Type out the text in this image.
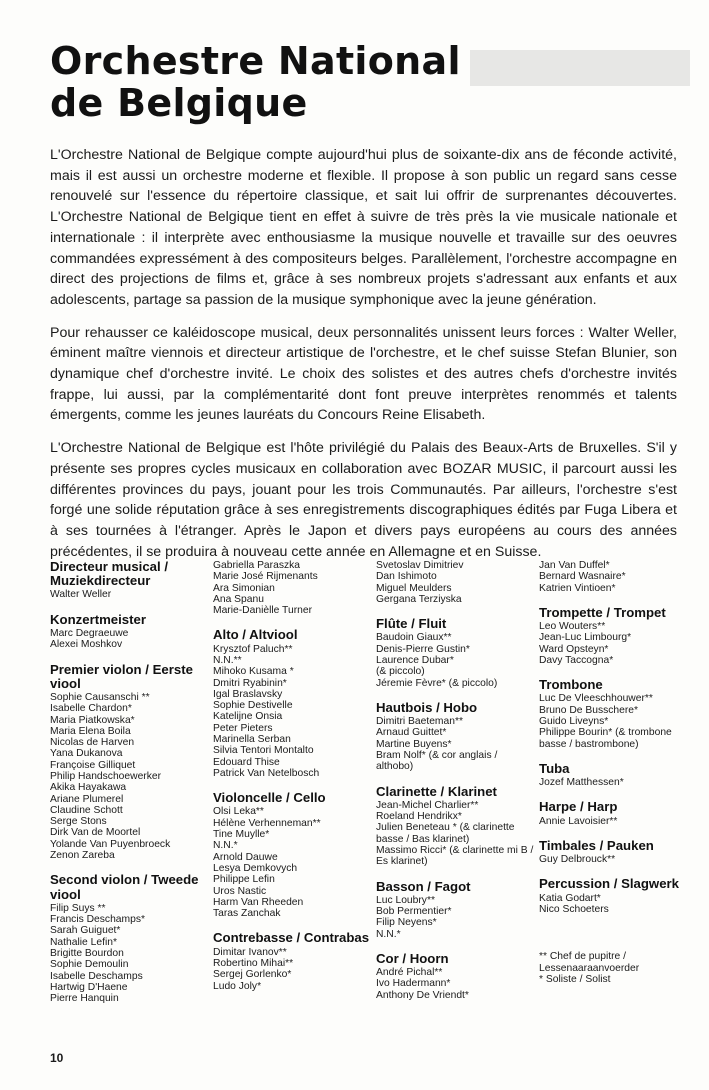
Orchestre National
de Belgique

L'Orchestre National de Belgique compte aujourd'hui plus de soixante-dix ans de féconde activité, mais il est aussi un orchestre moderne et flexible. Il propose à son public un regard sans cesse renouvelé sur l'essence du répertoire classique, et sait lui offrir de surprenantes découvertes. L'Orchestre National de Belgique tient en effet à suivre de très près la vie musicale nationale et internationale : il interprète avec enthousiasme la musique nouvelle et travaille sur des oeuvres commandées expressément à des compositeurs belges. Parallèlement, l'orchestre accompagne en direct des projections de films et, grâce à ses nombreux projets s'adressant aux enfants et aux adolescents, partage sa passion de la musique symphonique avec la jeune génération.

Pour rehausser ce kaléidoscope musical, deux personnalités unissent leurs forces : Walter Weller, éminent maître viennois et directeur artistique de l'orchestre, et le chef suisse Stefan Blunier, son dynamique chef d'orchestre invité. Le choix des solistes et des autres chefs d'orchestre invités frappe, lui aussi, par la complémentarité dont font preuve interprètes renommés et talents émergents, comme les jeunes lauréats du Concours Reine Elisabeth.

L'Orchestre National de Belgique est l'hôte privilégié du Palais des Beaux-Arts de Bruxelles. S'il y présente ses propres cycles musicaux en collaboration avec BOZAR MUSIC, il parcourt aussi les différentes provinces du pays, jouant pour les trois Communautés. Par ailleurs, l'orchestre s'est forgé une solide réputation grâce à ses enregistrements discographiques édités par Fuga Libera et à ses tournées à l'étranger. Après le Japon et divers pays européens au cours des années précédentes, il se produira à nouveau cette année en Allemagne et en Suisse.

Directeur musical / Muziekdirecteur
Walter Weller
Konzertmeister
Marc Degraeuwe
Alexei Moshkov
Premier violon / Eerste viool
Sophie Causanschi **
Isabelle Chardon*
Maria Piatkowska*
Maria Elena Boila
Nicolas de Harven
Yana Dukanova
Françoise Gilliquet
Philip Handschoewerker
Akika Hayakawa
Ariane Plumerel
Claudine Schott
Serge Stons
Dirk Van de Moortel
Yolande Van Puyenbroeck
Zenon Zareba
Second violon / Tweede viool
Filip Suys **
Francis Deschamps*
Sarah Guiguet*
Nathalie Lefin*
Brigitte Bourdon
Sophie Demoulin
Isabelle Deschamps
Hartwig D'Haene
Pierre Hanquin
Gabriella Paraszka
Marie José Rijmenants
Ara Simonian
Ana Spanu
Marie-Danièlle Turner
Alto / Altviool
Krysztof Paluch**
N.N.**
Mihoko Kusama *
Dmitri Ryabinin*
Igal Braslavsky
Sophie Destivelle
Katelijne Onsia
Peter Pieters
Marinella Serban
Silvia Tentori Montalto
Edouard Thise
Patrick Van Netelbosch
Violoncelle / Cello
Olsi Leka**
Hélène Verhenneman**
Tine Muylle*
N.N.*
Arnold Dauwe
Lesya Demkovych
Philippe Lefin
Uros Nastic
Harm Van Rheeden
Taras Zanchak
Contrebasse / Contrabas
Dimitar Ivanov**
Robertino Mihai**
Sergej Gorlenko*
Ludo Joly*
Svetoslav Dimitriev
Dan Ishimoto
Miguel Meulders
Gergana Terziyska
Flûte / Fluit
Baudoin Giaux**
Denis-Pierre Gustin*
Laurence Dubar*
(& piccolo)
Jéremie Fèvre* (& piccolo)
Hautbois / Hobo
Dimitri Baeteman**
Arnaud Guittet*
Martine Buyens*
Bram Nolf* (& cor anglais / althobo)
Clarinette / Klarinet
Jean-Michel Charlier**
Roeland Hendrikx*
Julien Beneteau * (& clarinette basse / Bas klarinet)
Massimo Ricci* (& clarinette mi B / Es klarinet)
Basson / Fagot
Luc Loubry**
Bob Permentier*
Filip Neyens*
N.N.*
Cor / Hoorn
André Pichal**
Ivo Hadermann*
Anthony De Vriendt*
Jan Van Duffel*
Bernard Wasnaire*
Katrien Vintioen*
Trompette / Trompet
Leo Wouters**
Jean-Luc Limbourg*
Ward Opsteyn*
Davy Taccogna*
Trombone
Luc De Vleeschhouwer**
Bruno De Busschere*
Guido Liveyns*
Philippe Bourin* (& trombone basse / bastrombone)
Tuba
Jozef Matthessen*
Harpe / Harp
Annie Lavoisier**
Timbales / Pauken
Guy Delbrouck**
Percussion / Slagwerk
Katia Godart*
Nico Schoeters
** Chef de pupitre / Lessenaaraanvoerder
* Soliste / Solist
10
